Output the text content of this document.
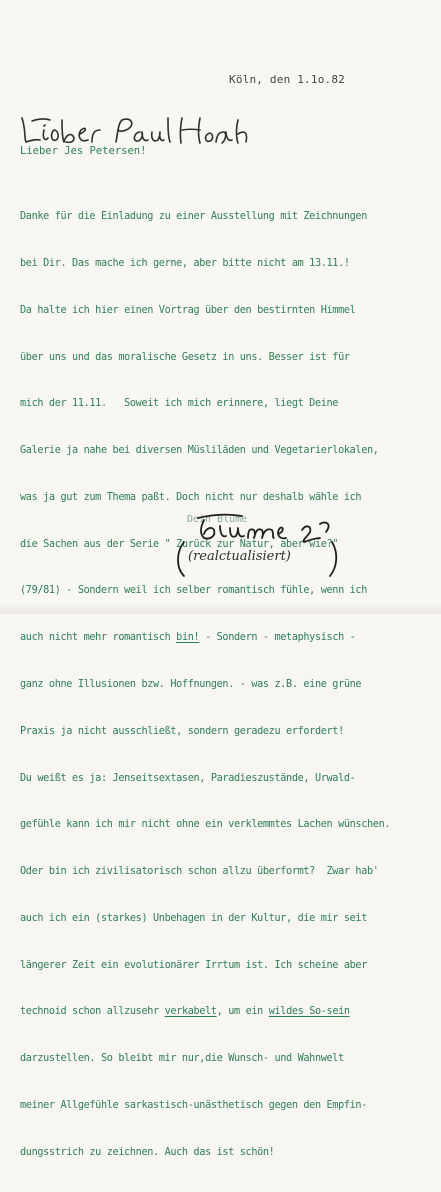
Köln, den 1.1o.82
Lieber Jes Petersen!

Danke für die Einladung zu einer Ausstellung mit Zeichnungen

bei Dir. Das mache ich gerne, aber bitte nicht am 13.11.!

Da halte ich hier einen Vortrag über den bestirnten Himmel

über uns und das moralische Gesetz in uns. Besser ist für

mich der 11.11.   Soweit ich mich erinnere, liegt Deine

Galerie ja nahe bei diversen Müsliläden und Vegetarierlokalen,

was ja gut zum Thema paßt. Doch nicht nur deshalb wähle ich

die Sachen aus der Serie " Zurück zur Natur, aber wie?"

(79/81) - Sondern weil ich selber romantisch fühle, wenn ich

auch nicht mehr romantisch bin! - Sondern - metaphysisch -

ganz ohne Illusionen bzw. Hoffnungen. - was z.B. eine grüne

Praxis ja nicht ausschließt, sondern geradezu erfordert!

Du weißt es ja: Jenseitsextasen, Paradieszustände, Urwald-

gefühle kann ich mir nicht ohne ein verklemmtes Lachen wünschen.

Oder bin ich zivilisatorisch schon allzu überformt?  Zwar hab'

auch ich ein (starkes) Unbehagen in der Kultur, die mir seit

längerer Zeit ein evolutionärer Irrtum ist. Ich scheine aber

technoid schon allzusehr verkabelt, um ein wildes So-sein

darzustellen. So bleibt mir nur,die Wunsch- und Wahnwelt

meiner Allgefühle sarkastisch-unästhetisch gegen den Empfin-

dungsstrich zu zeichnen. Auch das ist schön!

Dein Blume
(realctualisiert)
